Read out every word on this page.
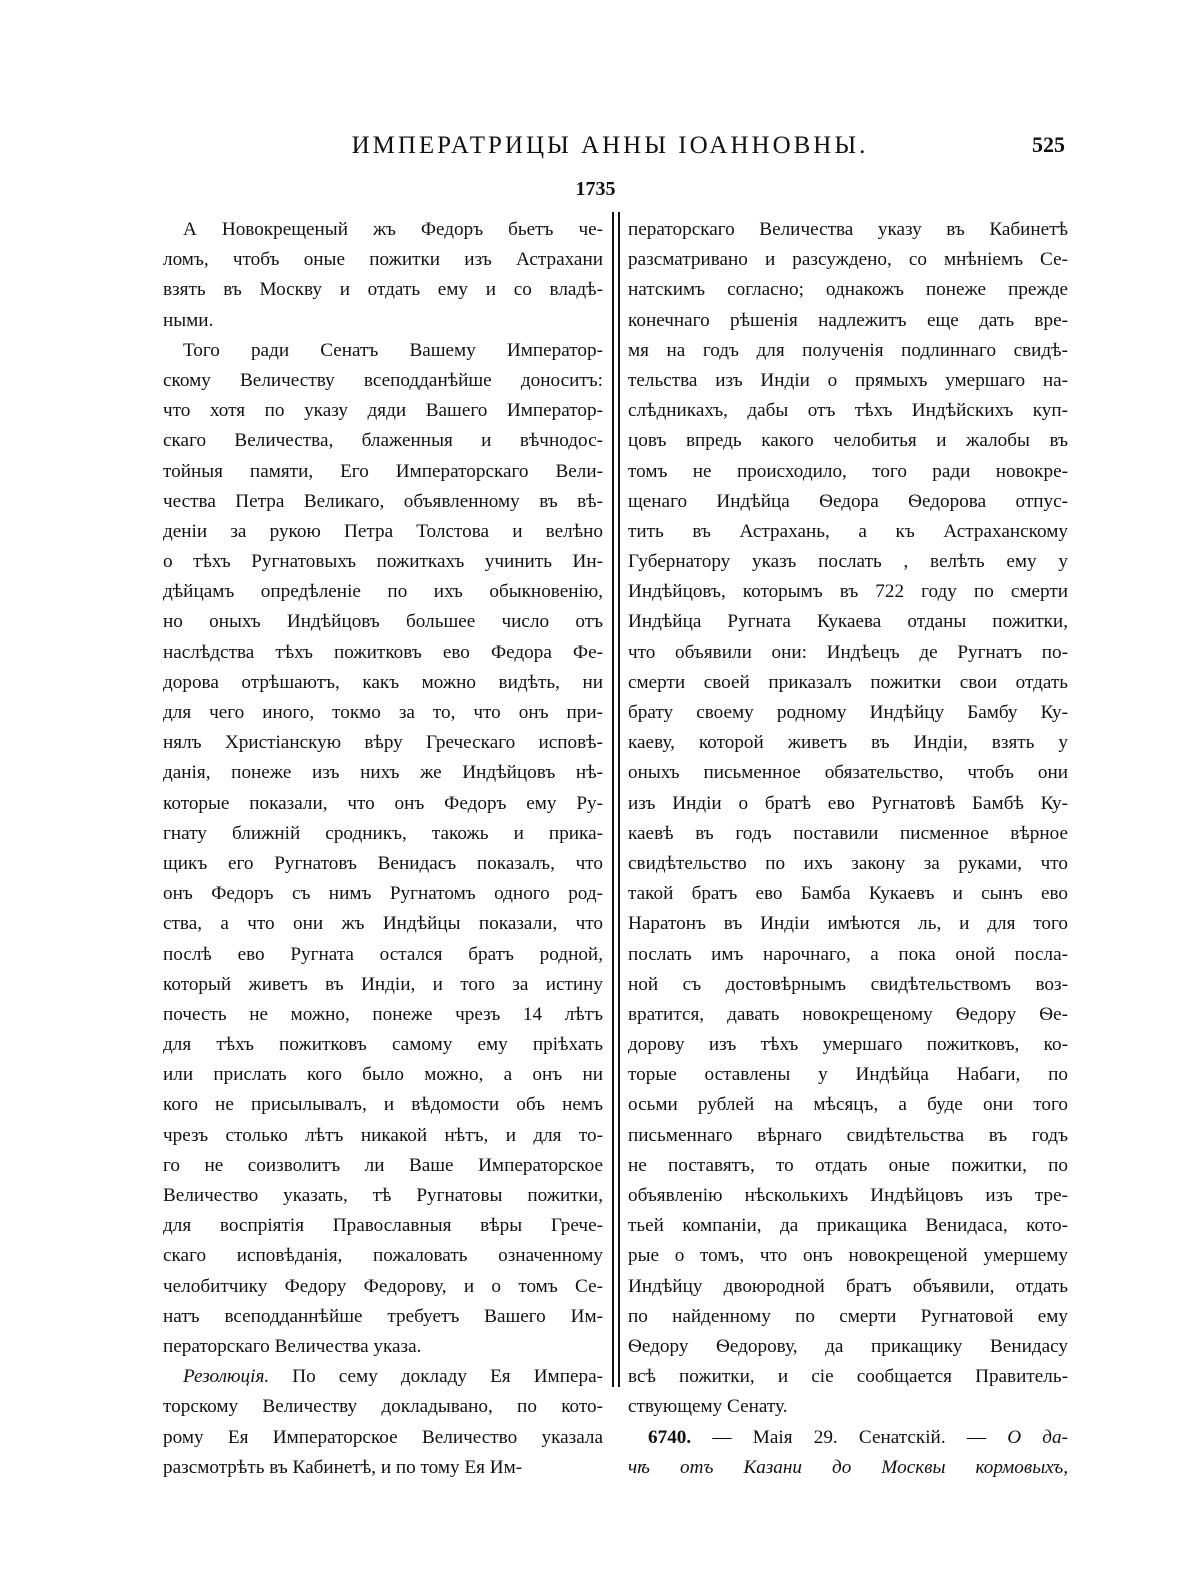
ИМПЕРАТРИЦЫ АННЫ ІОАННОВНЫ.	525
1735
А Новокрещеный жъ Федоръ бьетъ че-
ломъ, чтобъ оные пожитки изъ Астрахани
взять въ Москву и отдать ему и со владѣ-
ными.
Того ради Сенатъ Вашему Император-
скому Величеству всеподданѣйше доноситъ:
что хотя по указу дяди Вашего Император-
скаго Величества, блаженныя и вѣчнодос-
тойныя памяти, Его Императорскаго Вели-
чества Петра Великаго, объявленному въ вѣ-
деніи за рукою Петра Толстова и велѣно
о тѣхъ Ругнатовыхъ пожиткахъ учинить Ин-
дѣйцамъ опредѣленіе по ихъ обыкновенію,
но оныхъ Индѣйцовъ большее число отъ
наслѣдства тѣхъ пожитковъ ево Федора Фе-
дорова отрѣшаютъ, какъ можно видѣть, ни
для чего иного, токмо за то, что онъ при-
нялъ Христіанскую вѣру Греческаго исповѣ-
данія, понеже изъ нихъ же Индѣйцовъ нѣ-
которые показали, что онъ Федоръ ему Ру-
гнату ближній сродникъ, такожь и прика-
щикъ его Ругнатовъ Венидасъ показалъ, что
онъ Федоръ съ нимъ Ругнатомъ одного род-
ства, а что они жъ Индѣйцы показали, что
послѣ ево Ругната остался братъ родной,
который живетъ въ Индіи, и того за истину
почесть не можно, понеже чрезъ 14 лѣтъ
для тѣхъ пожитковъ самому ему пріѣхать
или прислать кого было можно, а онъ ни
кого не присылывалъ, и вѣдомости объ немъ
чрезъ столько лѣтъ никакой нѣтъ, и для то-
го не соизволитъ ли Ваше Императорское
Величество указать, тѣ Ругнатовы пожитки,
для воспріятія Православныя вѣры Грече-
скаго исповѣданія, пожаловать означенному
челобитчику Федору Федорову, и о томъ Се-
натъ всеподданнѣйше требуетъ Вашего Им-
ператорскаго Величества указа.
Резолюція. По сему докладу Ея Импера-
торскому Величеству докладывано, по кото-
рому Ея Императорское Величество указала
разсмотрѣть въ Кабинетѣ, и по тому Ея Им-
ператорскаго Величества указу въ Кабинетѣ
разсматривано и разсуждено, со мнѣніемъ Се-
натскимъ согласно; однакожъ понеже прежде
конечнаго рѣшенія надлежитъ еще дать вре-
мя на годъ для полученія подлиннаго свидѣ-
тельства изъ Индіи о прямыхъ умершаго на-
слѣдникахъ, дабы отъ тѣхъ Индѣйскихъ куп-
цовъ впредь какого челобитья и жалобы въ
томъ не происходило, того ради новокре-
щенаго Индѣйца Ѳедора Ѳедорова отпус-
тить въ Астрахань, а къ Астраханскому
Губернатору указъ послать , велѣть ему у
Индѣйцовъ, которымъ въ 722 году по смерти
Индѣйца Ругната Кукаева отданы пожитки,
что объявили они: Индѣецъ де Ругнатъ по-
смерти своей приказалъ пожитки свои отдать
брату своему родному Индѣйцу Бамбу Ку-
каеву, которой живетъ въ Индіи, взять у
оныхъ письменное обязательство, чтобъ они
изъ Индіи о братѣ ево Ругнатовѣ Бамбѣ Ку-
каевѣ въ годъ поставили писменное вѣрное
свидѣтельство по ихъ закону за руками, что
такой братъ ево Бамба Кукаевъ и сынъ ево
Наратонъ въ Индіи имѣются ль, и для того
послать имъ нарочнаго, а пока оной посла-
ной съ достовѣрнымъ свидѣтельствомъ воз-
вратится, давать новокрещеному Ѳедору Ѳе-
дорову изъ тѣхъ умершаго пожитковъ, ко-
торые оставлены у Индѣйца Набаги, по
осьми рублей на мѣсяцъ, а буде они того
письменнаго вѣрнаго свидѣтельства въ годъ
не поставятъ, то отдать оные пожитки, по
объявленію нѣсколькихъ Индѣйцовъ изъ тре-
тьей компаніи, да прикащика Венидаса, кото-
рые о томъ, что онъ новокрещеной умершему
Индѣйцу двоюродной братъ объявили, отдать
по найденному по смерти Ругнатовой ему
Ѳедору Ѳедорову, да прикащику Венидасу
всѣ пожитки, и сіе сообщается Правитель-
ствующему Сенату.
6740. — Маія 29. Сенатскій. — О да-
чѣ отъ Казани до Москвы кормовыхъ,
